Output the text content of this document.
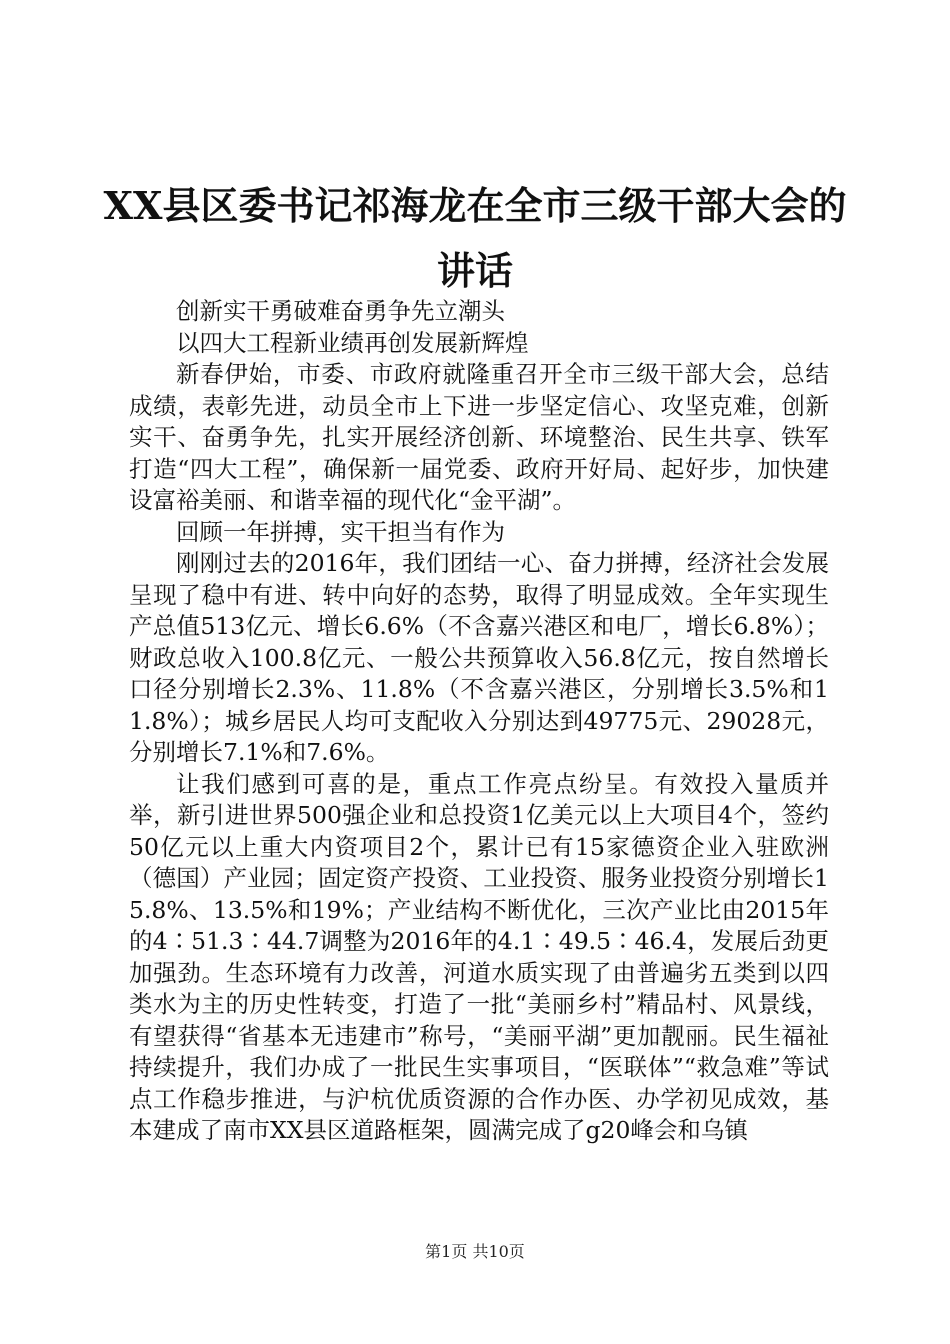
XX县区委书记祁海龙在全市三级干部大会的
讲话

创新实干勇破难奋勇争先立潮头

以四大工程新业绩再创发展新辉煌

新春伊始，市委、市政府就隆重召开全市三级干部大会，总结成绩，表彰先进，动员全市上下进一步坚定信心、攻坚克难，创新实干、奋勇争先，扎实开展经济创新、环境整治、民生共享、铁军打造“四大工程”，确保新一届党委、政府开好局、起好步，加快建设富裕美丽、和谐幸福的现代化“金平湖”。

回顾一年拼搏，实干担当有作为

刚刚过去的2016年，我们团结一心、奋力拼搏，经济社会发展呈现了稳中有进、转中向好的态势，取得了明显成效。全年实现生产总值513亿元、增长6.6%（不含嘉兴港区和电厂，增长6.8%）；财政总收入100.8亿元、一般公共预算收入56.8亿元，按自然增长口径分别增长2.3%、11.8%（不含嘉兴港区，分别增长3.5%和11.8%）；城乡居民人均可支配收入分别达到49775元、29028元，分别增长7.1%和7.6%。

让我们感到可喜的是，重点工作亮点纷呈。有效投入量质并举，新引进世界500强企业和总投资1亿美元以上大项目4个，签约50亿元以上重大内资项目2个，累计已有15家德资企业入驻欧洲（德国）产业园；固定资产投资、工业投资、服务业投资分别增长15.8%、13.5%和19%；产业结构不断优化，三次产业比由2015年的4∶51.3∶44.7调整为2016年的4.1∶49.5∶46.4，发展后劲更加强劲。生态环境有力改善，河道水质实现了由普遍劣五类到以四类水为主的历史性转变，打造了一批“美丽乡村”精品村、风景线，有望获得“省基本无违建市”称号，“美丽平湖”更加靓丽。民生福祉持续提升，我们办成了一批民生实事项目，“医联体”“救急难”等试点工作稳步推进，与沪杭优质资源的合作办医、办学初见成效，基本建成了南市XX县区道路框架，圆满完成了g20峰会和乌镇

第1页 共10页
